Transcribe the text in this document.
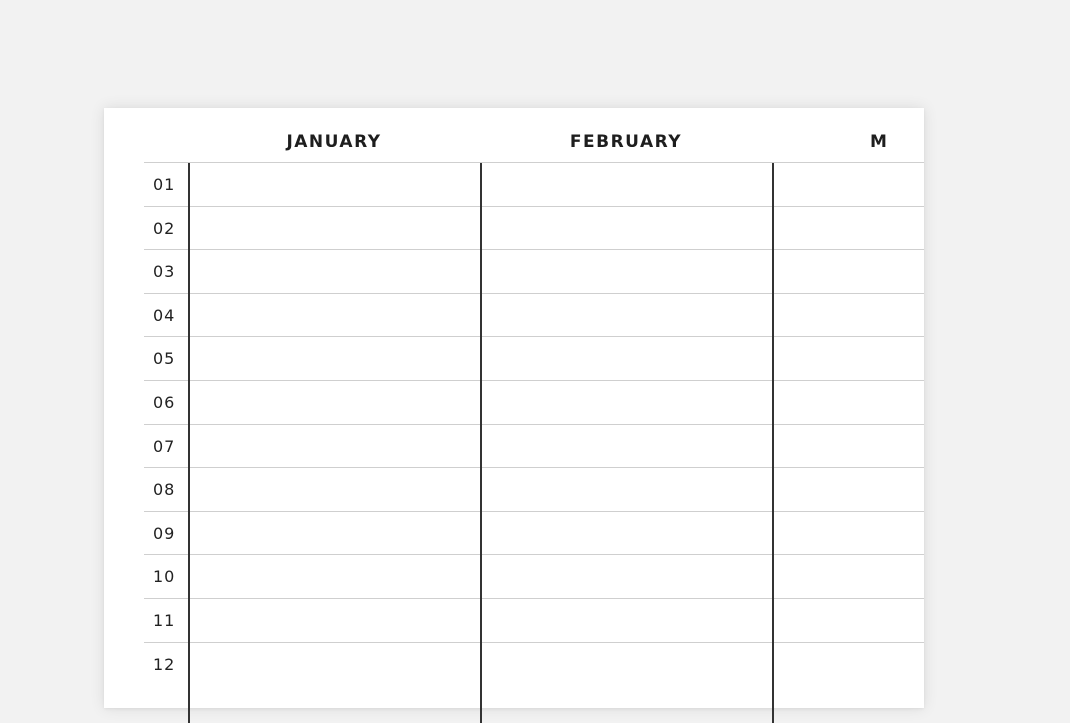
JANUARY	FEBRUARY	M
01
02
03
04
05
06
07
08
09
10
11
12
